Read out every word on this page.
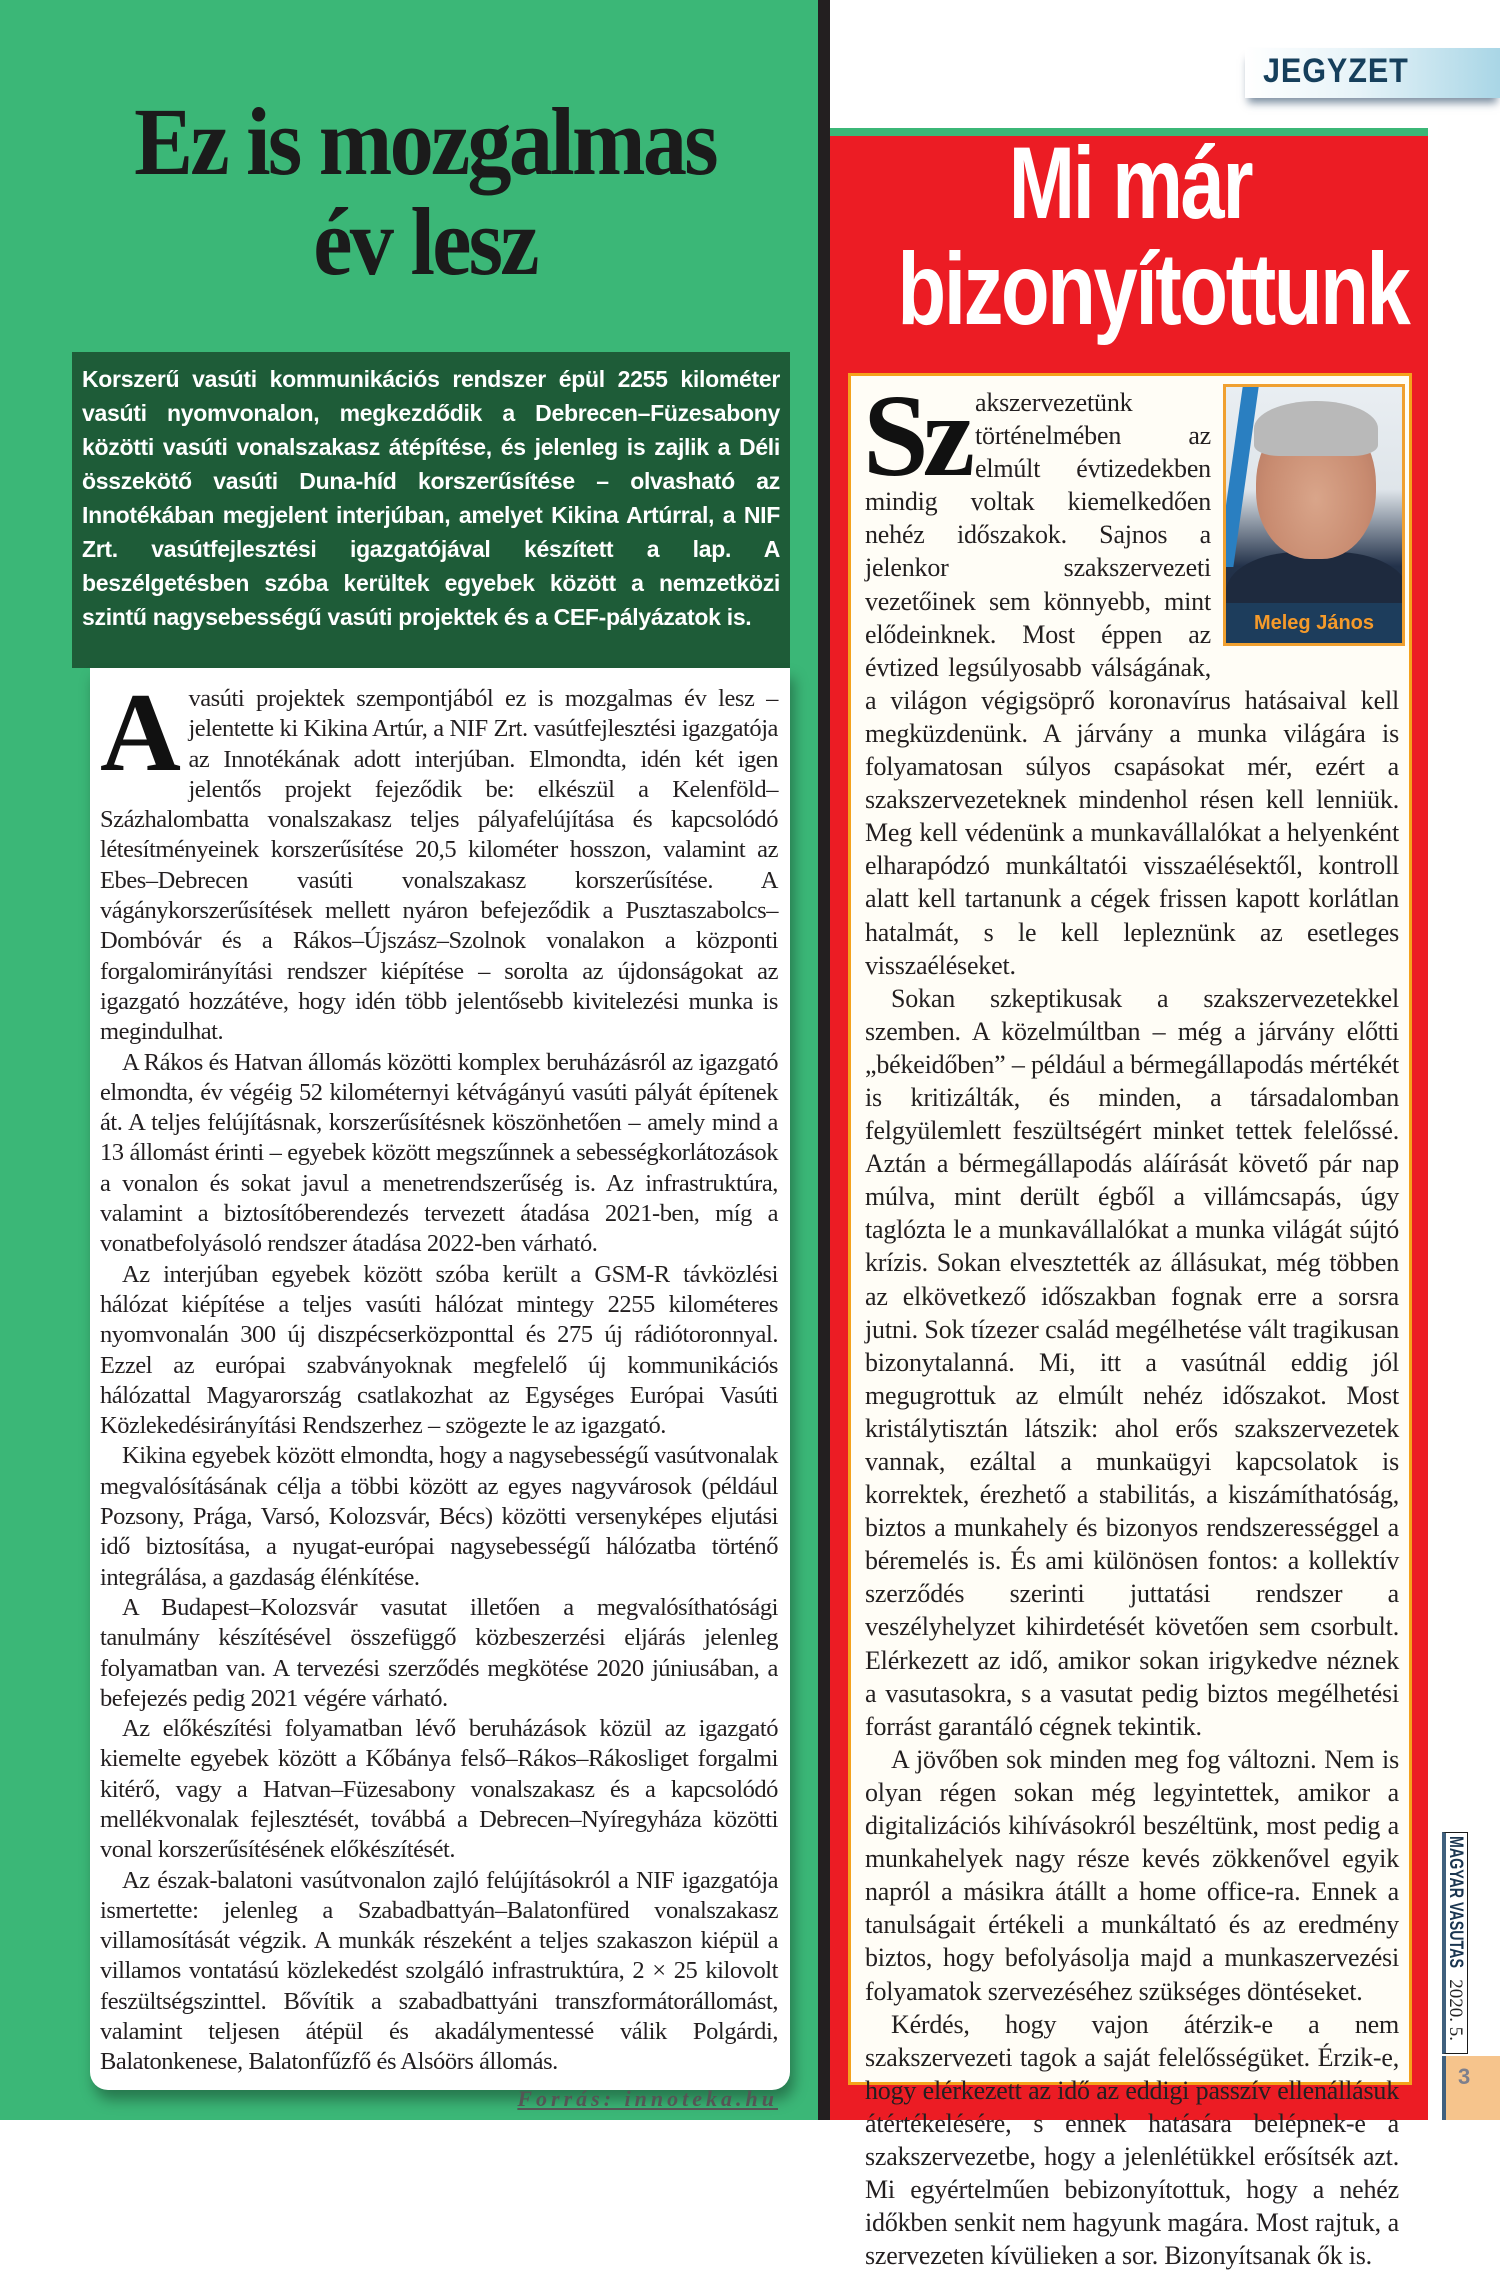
JEGYZET
Ez is mozgalmas
év lesz
Korszerű vasúti kommunikációs rendszer épül 2255 kilométer vasúti nyomvonalon, megkezdődik a Debrecen–Füzesabony közötti vasúti vonalszakasz átépítése, és jelenleg is zajlik a Déli összekötő vasúti Duna-híd korszerűsítése – olvasható az Innotékában megjelent interjúban, amelyet Kikina Artúrral, a NIF Zrt. vasútfejlesztési igazgatójával készített a lap. A beszélgetésben szóba kerültek egyebek között a nemzetközi szintű nagysebességű vasúti projektek és a CEF-pályázatok is.

A vasúti projektek szempontjából ez is mozgalmas év lesz – jelentette ki Kikina Artúr, a NIF Zrt. vasútfejlesztési igazgatója az Innotékának adott interjúban. Elmondta, idén két igen jelentős projekt fejeződik be: elkészül a Kelenföld–Százhalombatta vonalszakasz teljes pályafelújítása és kapcsolódó létesítményeinek korszerűsítése 20,5 kilométer hosszon, valamint az Ebes–Debrecen vasúti vonalszakasz korszerűsítése. A vágánykorszerűsítések mellett nyáron befejeződik a Pusztaszabolcs–Dombóvár és a Rákos–Újszász–Szolnok vonalakon a központi forgalomirányítási rendszer kiépítése – sorolta az újdonságokat az igazgató hozzátéve, hogy idén több jelentősebb kivitelezési munka is megindulhat.

A Rákos és Hatvan állomás közötti komplex beruházásról az igazgató elmondta, év végéig 52 kilométernyi kétvágányú vasúti pályát építenek át. A teljes felújításnak, korszerűsítésnek köszönhetően – amely mind a 13 állomást érinti – egyebek között megszűnnek a sebességkorlátozások a vonalon és sokat javul a menetrendszerűség is. Az infrastruktúra, valamint a biztosítóberendezés tervezett átadása 2021-ben, míg a vonatbefolyásoló rendszer átadása 2022-ben várható.

Az interjúban egyebek között szóba került a GSM-R távközlési hálózat kiépítése a teljes vasúti hálózat mintegy 2255 kilométeres nyomvonalán 300 új diszpécserközponttal és 275 új rádiótoronnyal. Ezzel az európai szabványoknak megfelelő új kommunikációs hálózattal Magyarország csatlakozhat az Egységes Európai Vasúti Közlekedésirányítási Rendszerhez – szögezte le az igazgató.

Kikina egyebek között elmondta, hogy a nagysebességű vasútvonalak megvalósításának célja a többi között az egyes nagyvárosok (például Pozsony, Prága, Varsó, Kolozsvár, Bécs) közötti versenyképes eljutási idő biztosítása, a nyugat-európai nagysebességű hálózatba történő integrálása, a gazdaság élénkítése.

A Budapest–Kolozsvár vasutat illetően a megvalósíthatósági tanulmány készítésével összefüggő közbeszerzési eljárás jelenleg folyamatban van. A tervezési szerződés megkötése 2020 júniusában, a befejezés pedig 2021 végére várható.

Az előkészítési folyamatban lévő beruházások közül az igazgató kiemelte egyebek között a Kőbánya felső–Rákos–Rákosliget forgalmi kitérő, vagy a Hatvan–Füzesabony vonalszakasz és a kapcsolódó mellékvonalak fejlesztését, továbbá a Debrecen–Nyíregyháza közötti vonal korszerűsítésének előkészítését.

Az észak-balatoni vasútvonalon zajló felújításokról a NIF igazgatója ismertette: jelenleg a Szabadbattyán–Balatonfüred vonalszakasz villamosítását végzik. A munkák részeként a teljes szakaszon kiépül a villamos vontatású közlekedést szolgáló infrastruktúra, 2 × 25 kilovolt feszültségszinttel. Bővítik a szabadbattyáni transzformátorállomást, valamint teljesen átépül és akadálymentessé válik Polgárdi, Balatonkenese, Balatonfűzfő és Alsóörs állomás.

Forrás: innoteka.hu
Mi már
bizonyítottunk
Meleg János

Sz akszervezetünk történelmében az elmúlt évtizedekben mindig voltak kiemelkedően nehéz időszakok. Sajnos a jelenkor szakszervezeti vezetőinek sem könnyebb, mint elődeinknek. Most éppen az évtized legsúlyosabb válságának, a világon végigsöprő koronavírus hatásaival kell megküzdenünk. A járvány a munka világára is folyamatosan súlyos csapásokat mér, ezért a szakszervezeteknek mindenhol résen kell lenniük. Meg kell védenünk a munkavállalókat a helyenként elharapódzó munkáltatói visszaélésektől, kontroll alatt kell tartanunk a cégek frissen kapott korlátlan hatalmát, s le kell lepleznünk az esetleges visszaéléseket.

Sokan szkeptikusak a szakszervezetekkel szemben. A közelmúltban – még a járvány előtti „békeidőben” – például a bérmegállapodás mértékét is kritizálták, és minden, a társadalomban felgyülemlett feszültségért minket tettek felelőssé. Aztán a bérmegállapodás aláírását követő pár nap múlva, mint derült égből a villámcsapás, úgy taglózta le a munkavállalókat a munka világát sújtó krízis. Sokan elvesztették az állásukat, még többen az elkövetkező időszakban fognak erre a sorsra jutni. Sok tízezer család megélhetése vált tragikusan bizonytalanná. Mi, itt a vasútnál eddig jól megugrottuk az elmúlt nehéz időszakot. Most kristálytisztán látszik: ahol erős szakszervezetek vannak, ezáltal a munkaügyi kapcsolatok is korrektek, érezhető a stabilitás, a kiszámíthatóság, biztos a munkahely és bizonyos rendszerességgel a béremelés is. És ami különösen fontos: a kollektív szerződés szerinti juttatási rendszer a veszélyhelyzet kihirdetését követően sem csorbult. Elérkezett az idő, amikor sokan irigykedve néznek a vasutasokra, s a vasutat pedig biztos megélhetési forrást garantáló cégnek tekintik.

A jövőben sok minden meg fog változni. Nem is olyan régen sokan még legyintettek, amikor a digitalizációs kihívásokról beszéltünk, most pedig a munkahelyek nagy része kevés zökkenővel egyik napról a másikra átállt a home office-ra. Ennek a tanulságait értékeli a munkáltató és az eredmény biztos, hogy befolyásolja majd a munkaszervezési folyamatok szervezéséhez szükséges döntéseket.

Kérdés, hogy vajon átérzik-e a nem szakszervezeti tagok a saját felelősségüket. Érzik-e, hogy elérkezett az idő az eddigi passzív ellenállásuk átértékelésére, s ennek hatására belépnek-e a szakszervezetbe, hogy a jelenlétükkel erősítsék azt. Mi egyértelműen bebizonyítottuk, hogy a nehéz időkben senkit nem hagyunk magára. Most rajtuk, a szervezeten kívülieken a sor. Bizonyítsanak ők is.

MAGYAR VASUTAS 2020. 5.
3
